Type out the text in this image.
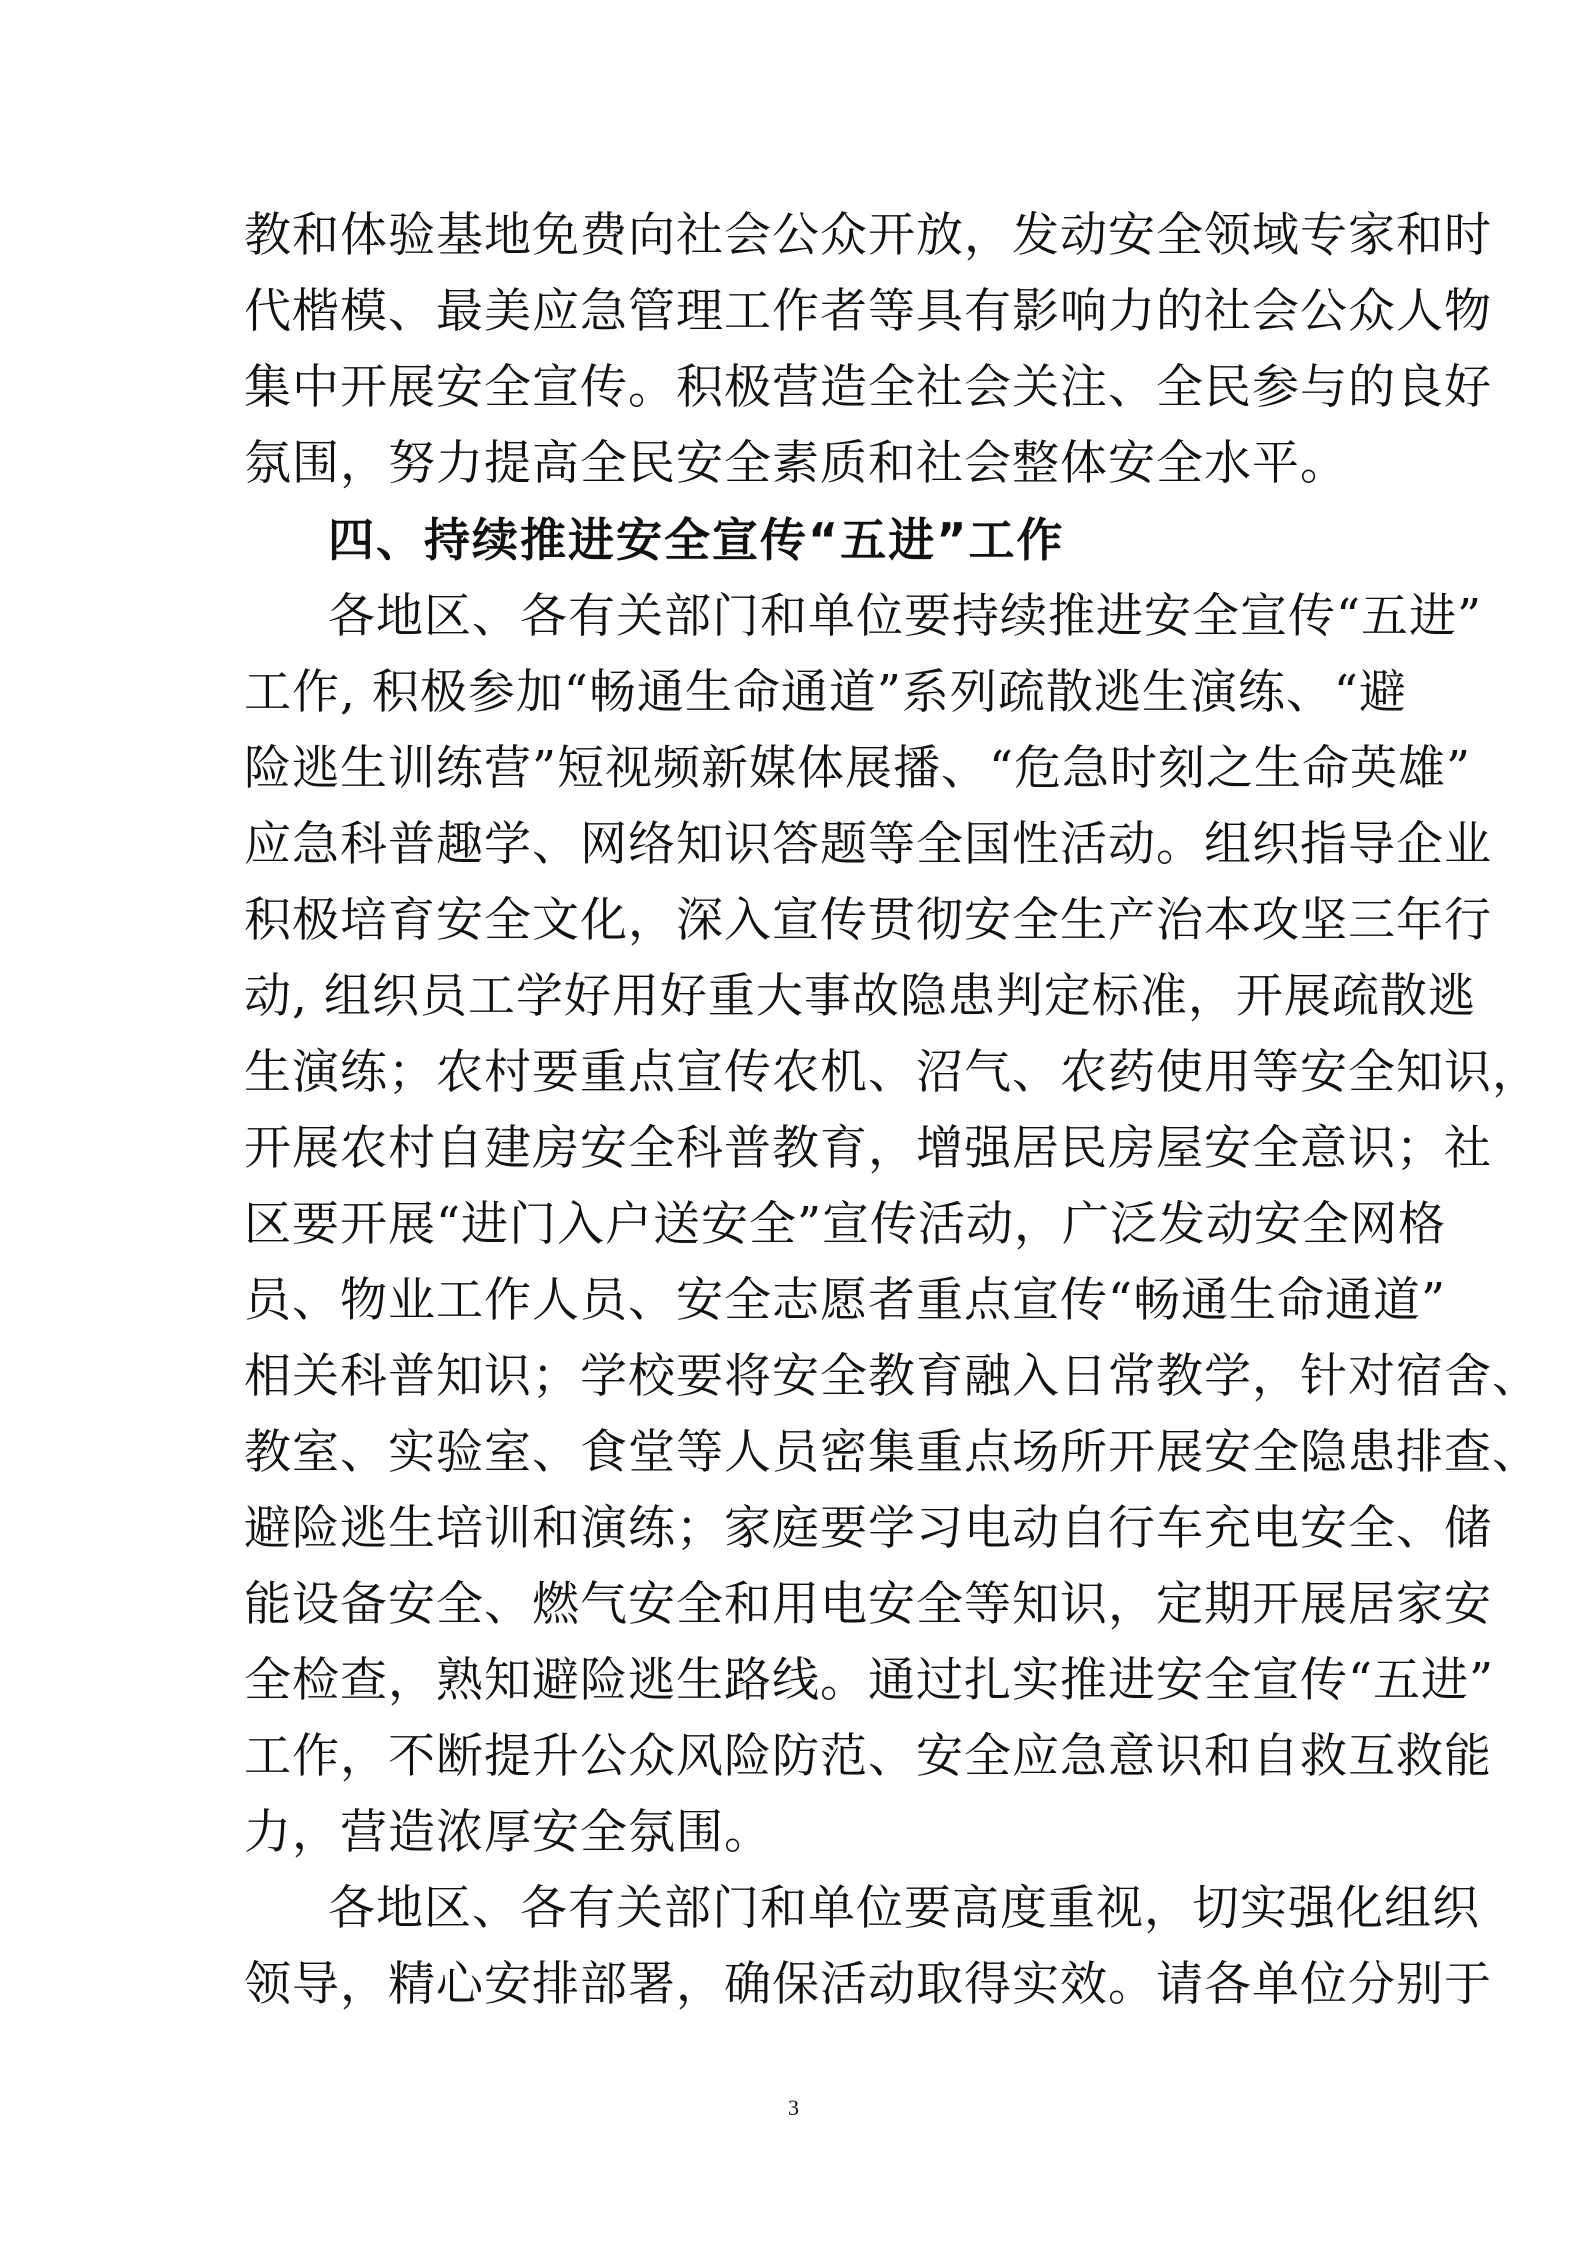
教和体验基地免费向社会公众开放，发动安全领域专家和时
代楷模、最美应急管理工作者等具有影响力的社会公众人物
集中开展安全宣传。积极营造全社会关注、全民参与的良好
氛围，努力提高全民安全素质和社会整体安全水平。
四、持续推进安全宣传“五进”工作
各地区、各有关部门和单位要持续推进安全宣传“五进”
工作, 积极参加“畅通生命通道”系列疏散逃生演练、“避
险逃生训练营”短视频新媒体展播、“危急时刻之生命英雄”
应急科普趣学、网络知识答题等全国性活动。组织指导企业
积极培育安全文化，深入宣传贯彻安全生产治本攻坚三年行
动, 组织员工学好用好重大事故隐患判定标准，开展疏散逃
生演练；农村要重点宣传农机、沼气、农药使用等安全知识，
开展农村自建房安全科普教育，增强居民房屋安全意识；社
区要开展“进门入户送安全”宣传活动，广泛发动安全网格
员、物业工作人员、安全志愿者重点宣传“畅通生命通道”
相关科普知识；学校要将安全教育融入日常教学，针对宿舍、
教室、实验室、食堂等人员密集重点场所开展安全隐患排查、
避险逃生培训和演练；家庭要学习电动自行车充电安全、储
能设备安全、燃气安全和用电安全等知识，定期开展居家安
全检查，熟知避险逃生路线。通过扎实推进安全宣传“五进”
工作，不断提升公众风险防范、安全应急意识和自救互救能
力，营造浓厚安全氛围。
各地区、各有关部门和单位要高度重视，切实强化组织
领导，精心安排部署，确保活动取得实效。请各单位分别于
3
